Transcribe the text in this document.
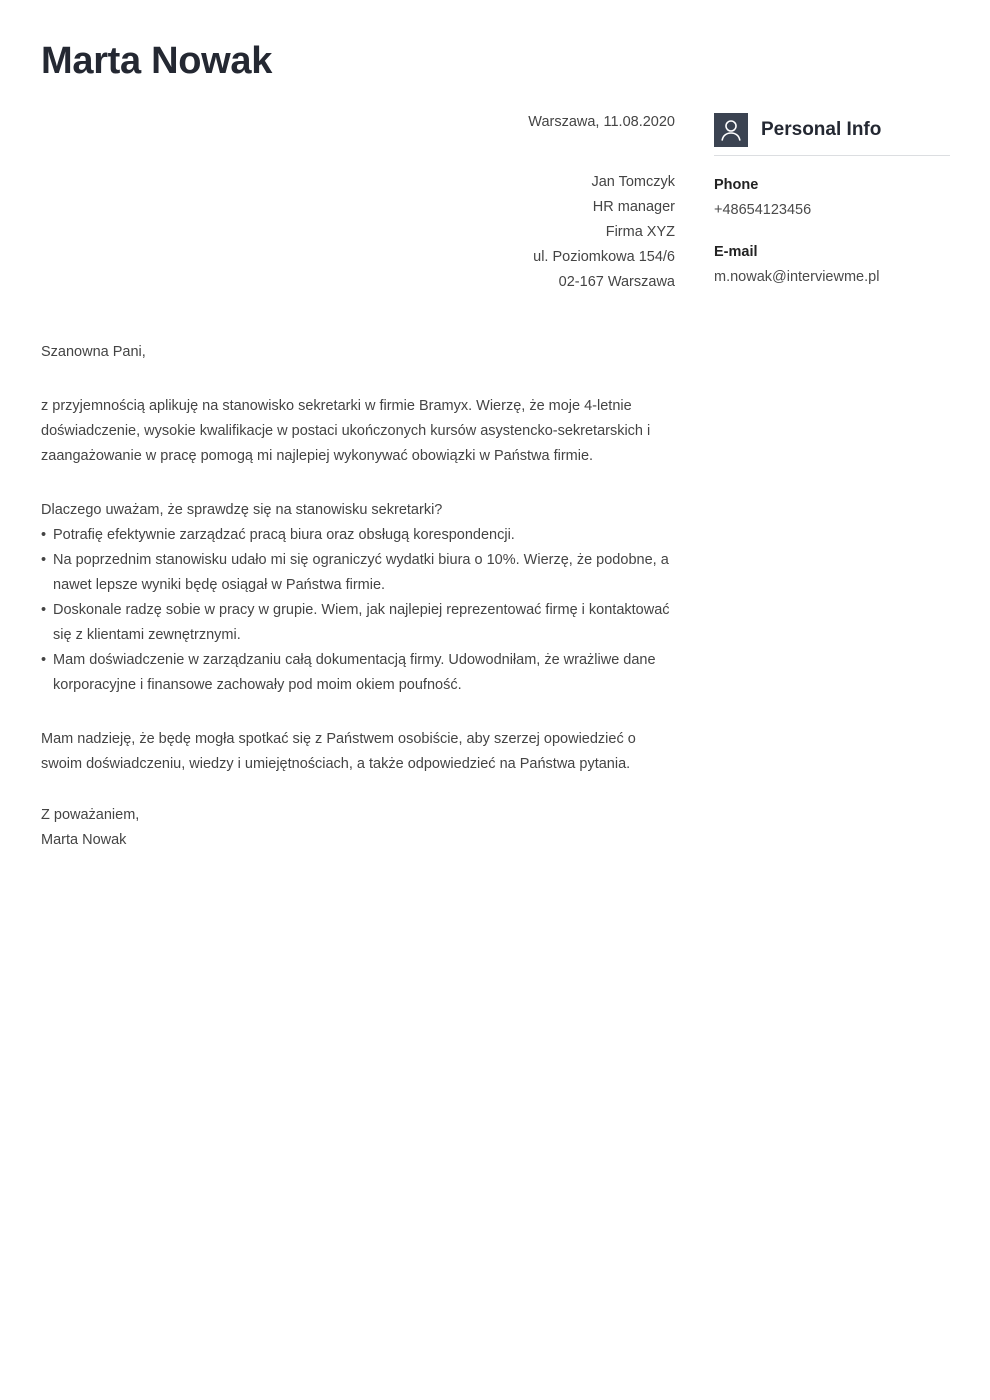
Marta Nowak
Warszawa, 11.08.2020
Jan Tomczyk
HR manager
Firma XYZ
ul. Poziomkowa 154/6
02-167 Warszawa
Szanowna Pani,
z przyjemnością aplikuję na stanowisko sekretarki w firmie Bramyx. Wierzę, że moje 4-letnie doświadczenie, wysokie kwalifikacje w postaci ukończonych kursów asystencko-sekretarskich i zaangażowanie w pracę pomogą mi najlepiej wykonywać obowiązki w Państwa firmie.
Dlaczego uważam, że sprawdzę się na stanowisku sekretarki?
• Potrafię efektywnie zarządzać pracą biura oraz obsługą korespondencji.
• Na poprzednim stanowisku udało mi się ograniczyć wydatki biura o 10%. Wierzę, że podobne, a nawet lepsze wyniki będę osiągał w Państwa firmie.
• Doskonale radzę sobie w pracy w grupie. Wiem, jak najlepiej reprezentować firmę i kontaktować się z klientami zewnętrznymi.
• Mam doświadczenie w zarządzaniu całą dokumentacją firmy. Udowodniłam, że wrażliwe dane korporacyjne i finansowe zachowały pod moim okiem poufność.
Mam nadzieję, że będę mogła spotkać się z Państwem osobiście, aby szerzej opowiedzieć o swoim doświadczeniu, wiedzy i umiejętnościach, a także odpowiedzieć na Państwa pytania.
Z poważaniem,
Marta Nowak
Personal Info
Phone
+48654123456
E-mail
m.nowak@interviewme.pl
